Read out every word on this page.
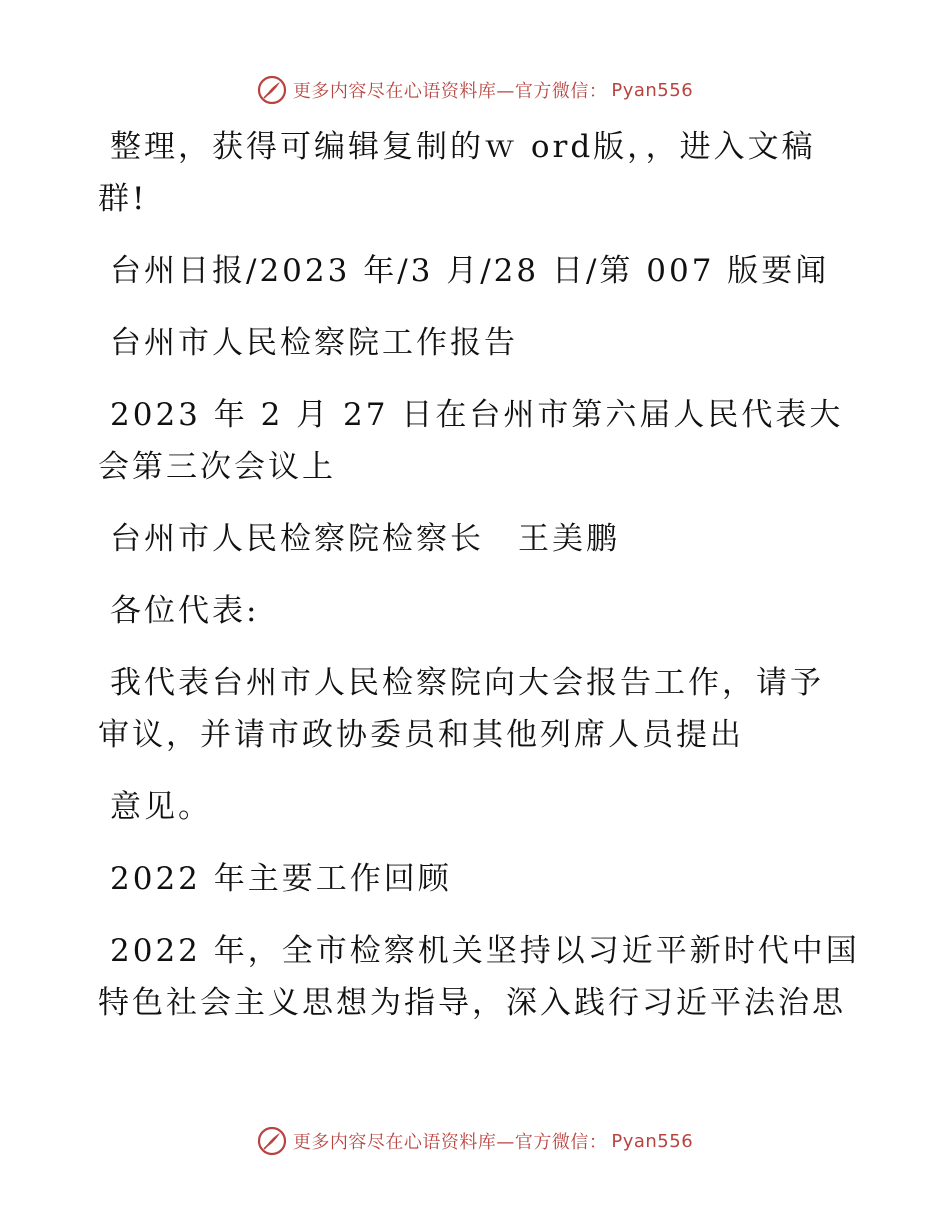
更多内容尽在心语资料库—官方微信： Pyan556

整理，获得可编辑复制的ｗ ord版，，进入文稿
群!

台州日报/2023 年/3 月/28 日/第 007 版要闻

台州市人民检察院工作报告

2023 年 2 月 27 日在台州市第六届人民代表大
会第三次会议上

台州市人民检察院检察长　王美鹏

各位代表:

我代表台州市人民检察院向大会报告工作，请予
审议，并请市政协委员和其他列席人员提出

意见。

2022 年主要工作回顾

2022 年，全市检察机关坚持以习近平新时代中国
特色社会主义思想为指导，深入践行习近平法治思

更多内容尽在心语资料库—官方微信： Pyan556
